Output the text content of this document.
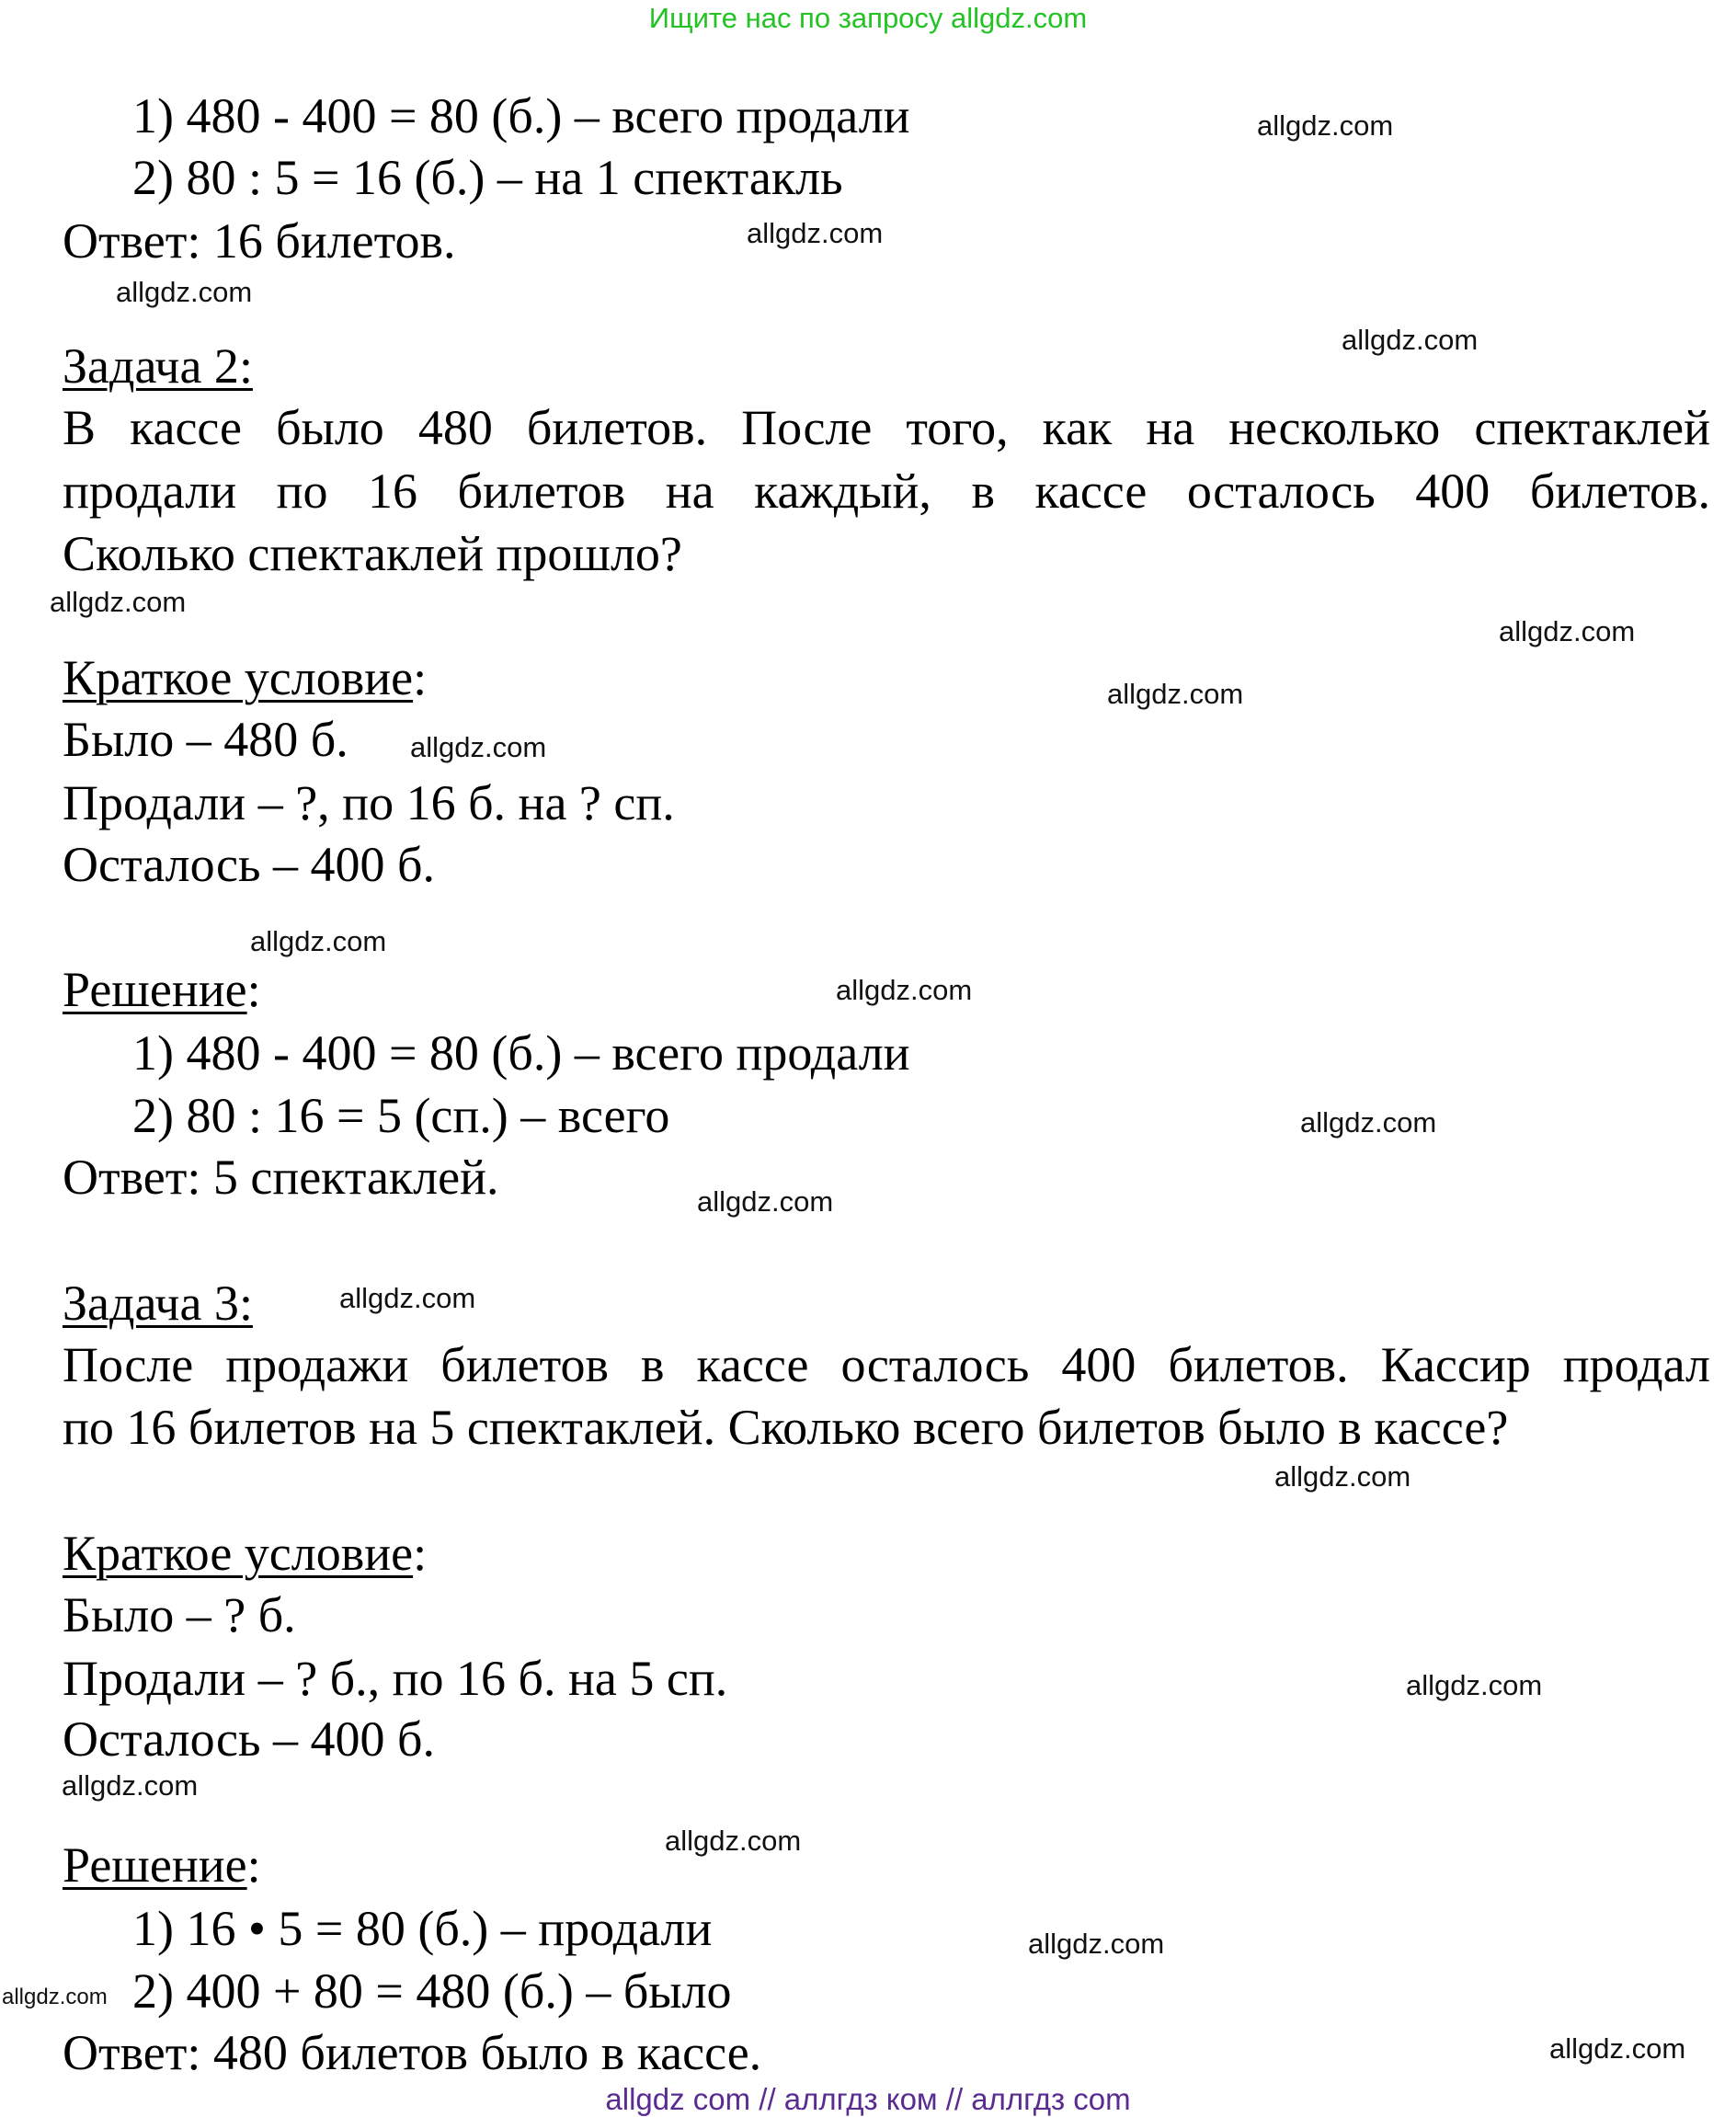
Ищите нас по запросу allgdz.com
1) 480 - 400 = 80 (б.) – всего продали
2) 80 : 5 = 16 (б.) – на 1 спектакль
Ответ: 16 билетов.
Задача 2:
В кассе было 480 билетов. После того, как на несколько спектаклей
продали по 16 билетов на каждый, в кассе осталось 400 билетов.
Сколько спектаклей прошло?
Краткое условие:
Было – 480 б.
Продали – ?, по 16 б. на ? сп.
Осталось – 400 б.
Решение:
1) 480 - 400 = 80 (б.) – всего продали
2) 80 : 16 = 5 (сп.) – всего
Ответ: 5 спектаклей.
Задача 3:
После продажи билетов в кассе осталось 400 билетов. Кассир продал
по 16 билетов на 5 спектаклей. Сколько всего билетов было в кассе?
Краткое условие:
Было – ? б.
Продали – ? б., по 16 б. на 5 сп.
Осталось – 400 б.
Решение:
1) 16 • 5 = 80 (б.) – продали
2) 400 + 80 = 480 (б.) – было
Ответ: 480 билетов было в кассе.
allgdz.com
allgdz.com
allgdz.com
allgdz.com
allgdz.com
allgdz.com
allgdz.com
allgdz.com
allgdz.com
allgdz.com
allgdz.com
allgdz.com
allgdz.com
allgdz.com
allgdz.com
allgdz.com
allgdz.com
allgdz.com
allgdz.com
allgdz.com
allgdz com // аллгдз ком // аллгдз com
